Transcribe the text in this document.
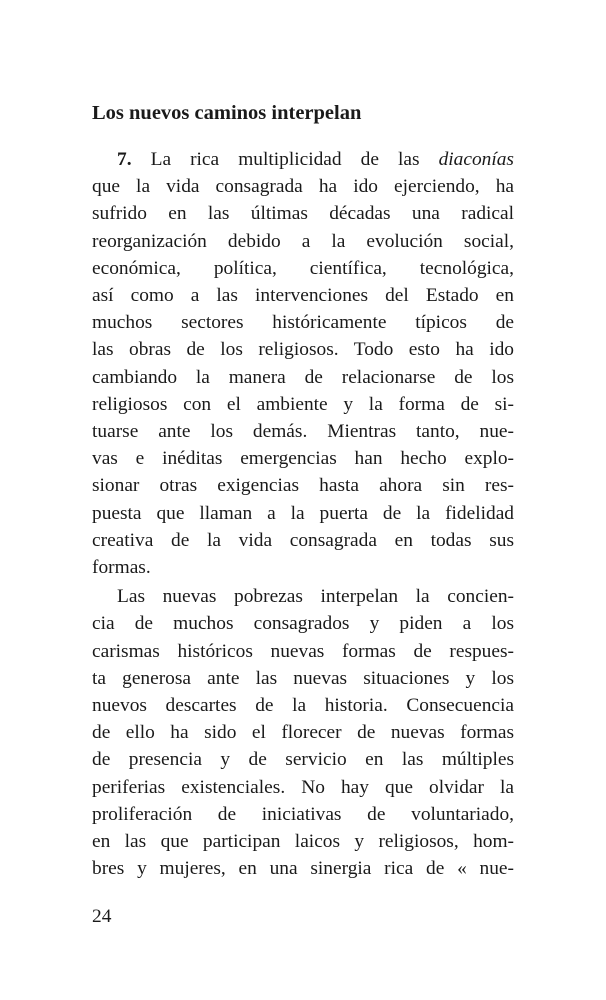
Los nuevos caminos interpelan
7. La rica multiplicidad de las diaconías
que la vida consagrada ha ido ejerciendo, ha
sufrido en las últimas décadas una radical
reorganización debido a la evolución social,
económica, política, científica, tecnológica,
así como a las intervenciones del Estado en
muchos sectores históricamente típicos de
las obras de los religiosos. Todo esto ha ido
cambiando la manera de relacionarse de los
religiosos con el ambiente y la forma de si-
tuarse ante los demás. Mientras tanto, nue-
vas e inéditas emergencias han hecho explo-
sionar otras exigencias hasta ahora sin res-
puesta que llaman a la puerta de la fidelidad
creativa de la vida consagrada en todas sus
formas.
Las nuevas pobrezas interpelan la concien-
cia de muchos consagrados y piden a los
carismas históricos nuevas formas de respues-
ta generosa ante las nuevas situaciones y los
nuevos descartes de la historia. Consecuencia
de ello ha sido el florecer de nuevas formas
de presencia y de servicio en las múltiples
periferias existenciales. No hay que olvidar la
proliferación de iniciativas de voluntariado,
en las que participan laicos y religiosos, hom-
bres y mujeres, en una sinergia rica de « nue-
24
